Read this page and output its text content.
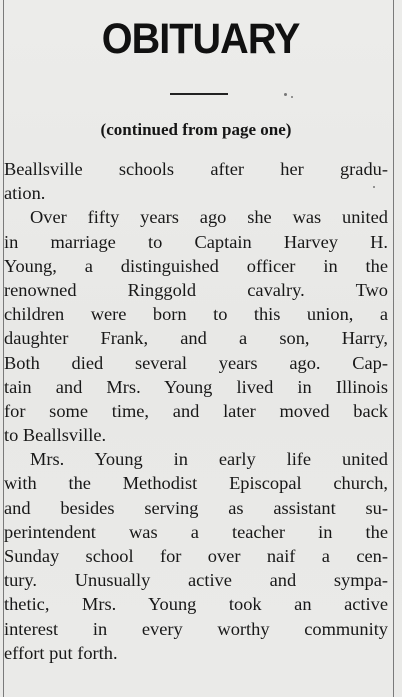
OBITUARY
(continued from page one)
Beallsville schools after her gradu-
ation.
Over fifty years ago she was united
in marriage to Captain Harvey H.
Young, a distinguished officer in the
renowned Ringgold cavalry. Two
children were born to this union, a
daughter Frank, and a son, Harry,
Both died several years ago. Cap-
tain and Mrs. Young lived in Illinois
for some time, and later moved back
to Beallsville.
Mrs. Young in early life united
with the Methodist Episcopal church,
and besides serving as assistant su-
perintendent was a teacher in the
Sunday school for over naif a cen-
tury. Unusually active and sympa-
thetic, Mrs. Young took an active
interest in every worthy community
effort put forth.
